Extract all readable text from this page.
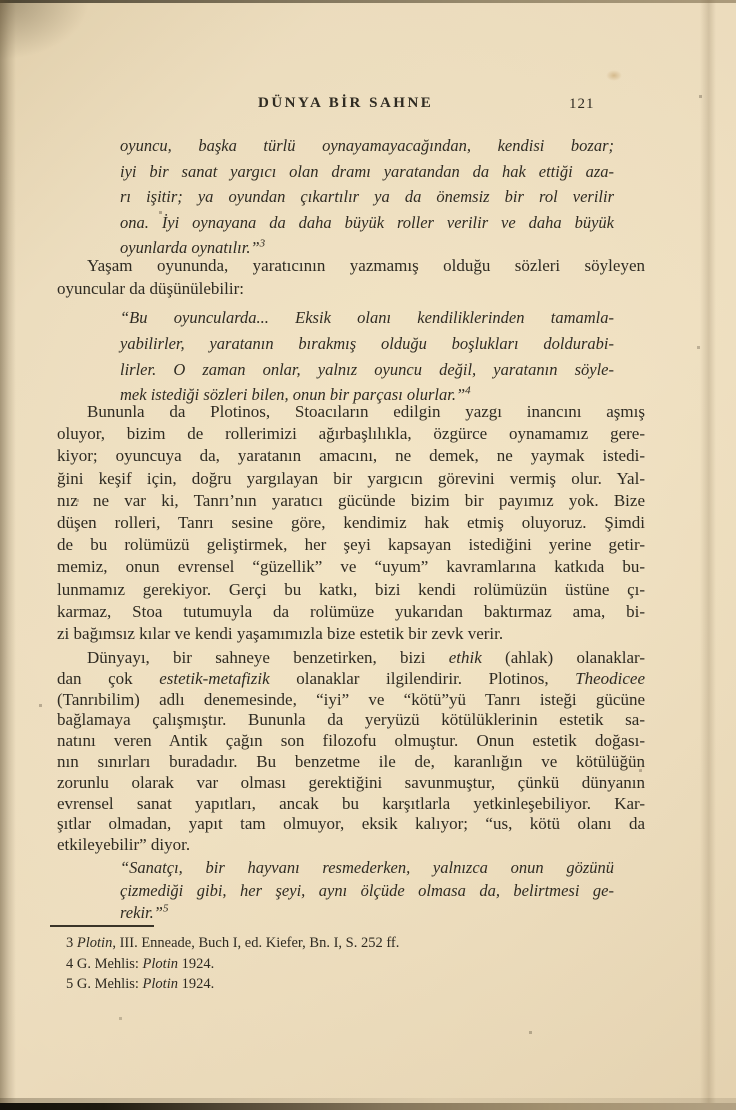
DÜNYA BİR SAHNE	121
oyuncu, başka türlü oynayamayacağından, kendisi bozar;
iyi bir sanat yargıcı olan dramı yaratandan da hak ettiği aza-
rı işitir; ya oyundan çıkartılır ya da önemsiz bir rol verilir
ona. İyi oynayana da daha büyük roller verilir ve daha büyük
oyunlarda oynatılır.”$^3$
Yaşam oyununda, yaratıcının yazmamış olduğu sözleri söyleyen
oyuncular da düşünülebilir:
“Bu oyuncularda... Eksik olanı kendiliklerinden tamamla-
yabilirler, yaratanın bırakmış olduğu boşlukları doldurabi-
lirler. O zaman onlar, yalnız oyuncu değil, yaratanın söyle-
mek istediği sözleri bilen, onun bir parçası olurlar.”$^4$
Bununla da Plotinos, Stoacıların edilgin yazgı inancını aşmış
oluyor, bizim de rollerimizi ağırbaşlılıkla, özgürce oynamamız gere-
kiyor; oyuncuya da, yaratanın amacını, ne demek, ne yaymak istedi-
ğini keşif için, doğru yargılayan bir yargıcın görevini vermiş olur. Yal-
nız ne var ki, Tanrı’nın yaratıcı gücünde bizim bir payımız yok. Bize
düşen rolleri, Tanrı sesine göre, kendimiz hak etmiş oluyoruz. Şimdi
de bu rolümüzü geliştirmek, her şeyi kapsayan istediğini yerine getir-
memiz, onun evrensel “güzellik” ve “uyum” kavramlarına katkıda bu-
lunmamız gerekiyor. Gerçi bu katkı, bizi kendi rolümüzün üstüne çı-
karmaz, Stoa tutumuyla da rolümüze yukarıdan baktırmaz ama, bi-
zi bağımsız kılar ve kendi yaşamımızla bize estetik bir zevk verir.
Dünyayı, bir sahneye benzetirken, bizi ethik (ahlak) olanaklar-
dan çok estetik-metafizik olanaklar ilgilendirir. Plotinos, Theodicee
(Tanrıbilim) adlı denemesinde, “iyi” ve “kötü”yü Tanrı isteği gücüne
bağlamaya çalışmıştır. Bununla da yeryüzü kötülüklerinin estetik sa-
natını veren Antik çağın son filozofu olmuştur. Onun estetik doğası-
nın sınırları buradadır. Bu benzetme ile de, karanlığın ve kötülüğün
zorunlu olarak var olması gerektiğini savunmuştur, çünkü dünyanın
evrensel sanat yapıtları, ancak bu karşıtlarla yetkinleşebiliyor. Kar-
şıtlar olmadan, yapıt tam olmuyor, eksik kalıyor; “us, kötü olanı da
etkileyebilir” diyor.
“Sanatçı, bir hayvanı resmederken, yalnızca onun gözünü
çizmediği gibi, her şeyi, aynı ölçüde olmasa da, belirtmesi ge-
rekir.”$^5$
3 Plotin, III. Enneade, Buch I, ed. Kiefer, Bn. I, S. 252 ff.
4 G. Mehlis: Plotin 1924.
5 G. Mehlis: Plotin 1924.
